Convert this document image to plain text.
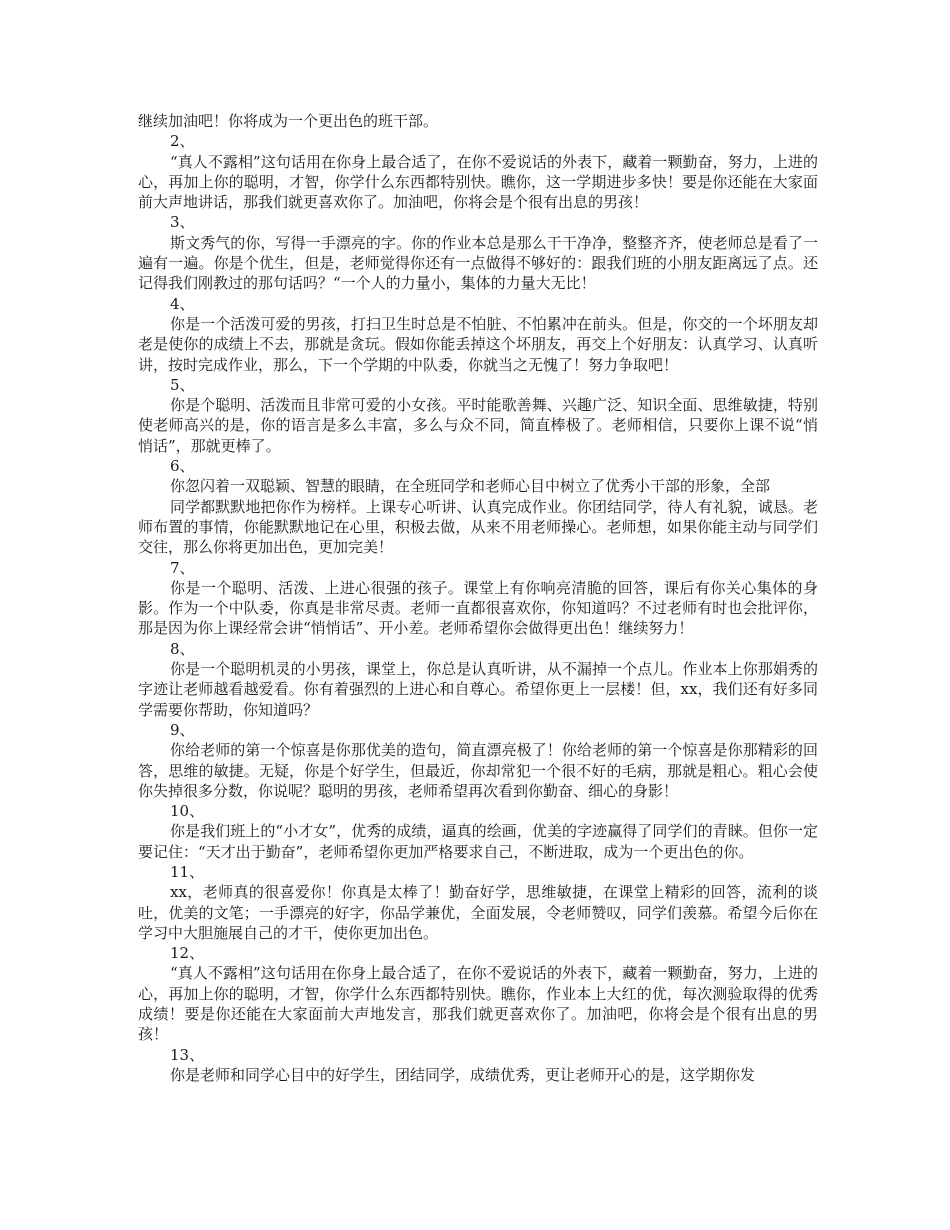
继续加油吧！你将成为一个更出色的班干部。

2、

“真人不露相”这句话用在你身上最合适了，在你不爱说话的外表下，藏着一颗勤奋，努力，上进的心，再加上你的聪明，才智，你学什么东西都特别快。瞧你，这一学期进步多快！要是你还能在大家面前大声地讲话，那我们就更喜欢你了。加油吧，你将会是个很有出息的男孩！

3、

斯文秀气的你，写得一手漂亮的字。你的作业本总是那么干干净净，整整齐齐，使老师总是看了一遍有一遍。你是个优生，但是，老师觉得你还有一点做得不够好的：跟我们班的小朋友距离远了点。还记得我们刚教过的那句话吗？“一个人的力量小，集体的力量大无比！

4、

你是一个活泼可爱的男孩，打扫卫生时总是不怕脏、不怕累冲在前头。但是，你交的一个坏朋友却老是使你的成绩上不去，那就是贪玩。假如你能丢掉这个坏朋友，再交上个好朋友：认真学习、认真听讲，按时完成作业，那么，下一个学期的中队委，你就当之无愧了！努力争取吧！

5、

你是个聪明、活泼而且非常可爱的小女孩。平时能歌善舞、兴趣广泛、知识全面、思维敏捷，特别使老师高兴的是，你的语言是多么丰富，多么与众不同，简直棒极了。老师相信，只要你上课不说“悄悄话”，那就更棒了。

6、

你忽闪着一双聪颖、智慧的眼睛，在全班同学和老师心目中树立了优秀小干部的形象，全部

同学都默默地把你作为榜样。上课专心听讲、认真完成作业。你团结同学，待人有礼貌，诚恳。老师布置的事情，你能默默地记在心里，积极去做，从来不用老师操心。老师想，如果你能主动与同学们交往，那么你将更加出色，更加完美！

7、

你是一个聪明、活泼、上进心很强的孩子。课堂上有你响亮清脆的回答，课后有你关心集体的身影。作为一个中队委，你真是非常尽责。老师一直都很喜欢你，你知道吗？不过老师有时也会批评你，那是因为你上课经常会讲“悄悄话”、开小差。老师希望你会做得更出色！继续努力！

8、

你是一个聪明机灵的小男孩，课堂上，你总是认真听讲，从不漏掉一个点儿。作业本上你那娟秀的字迹让老师越看越爱看。你有着强烈的上进心和自尊心。希望你更上一层楼！但，xx，我们还有好多同学需要你帮助，你知道吗？

9、

你给老师的第一个惊喜是你那优美的造句，简直漂亮极了！你给老师的第一个惊喜是你那精彩的回答，思维的敏捷。无疑，你是个好学生，但最近，你却常犯一个很不好的毛病，那就是粗心。粗心会使你失掉很多分数，你说呢？聪明的男孩，老师希望再次看到你勤奋、细心的身影！

10、

你是我们班上的“小才女”，优秀的成绩，逼真的绘画，优美的字迹赢得了同学们的青睐。但你一定要记住：“天才出于勤奋”，老师希望你更加严格要求自己，不断进取，成为一个更出色的你。

11、

xx，老师真的很喜爱你！你真是太棒了！勤奋好学，思维敏捷，在课堂上精彩的回答，流利的谈吐，优美的文笔；一手漂亮的好字，你品学兼优，全面发展，令老师赞叹，同学们羡慕。希望今后你在学习中大胆施展自己的才干，使你更加出色。

12、

“真人不露相”这句话用在你身上最合适了，在你不爱说话的外表下，藏着一颗勤奋，努力，上进的心，再加上你的聪明，才智，你学什么东西都特别快。瞧你，作业本上大红的优，每次测验取得的优秀成绩！要是你还能在大家面前大声地发言，那我们就更喜欢你了。加油吧，你将会是个很有出息的男孩！

13、

你是老师和同学心目中的好学生，团结同学，成绩优秀，更让老师开心的是，这学期你发
